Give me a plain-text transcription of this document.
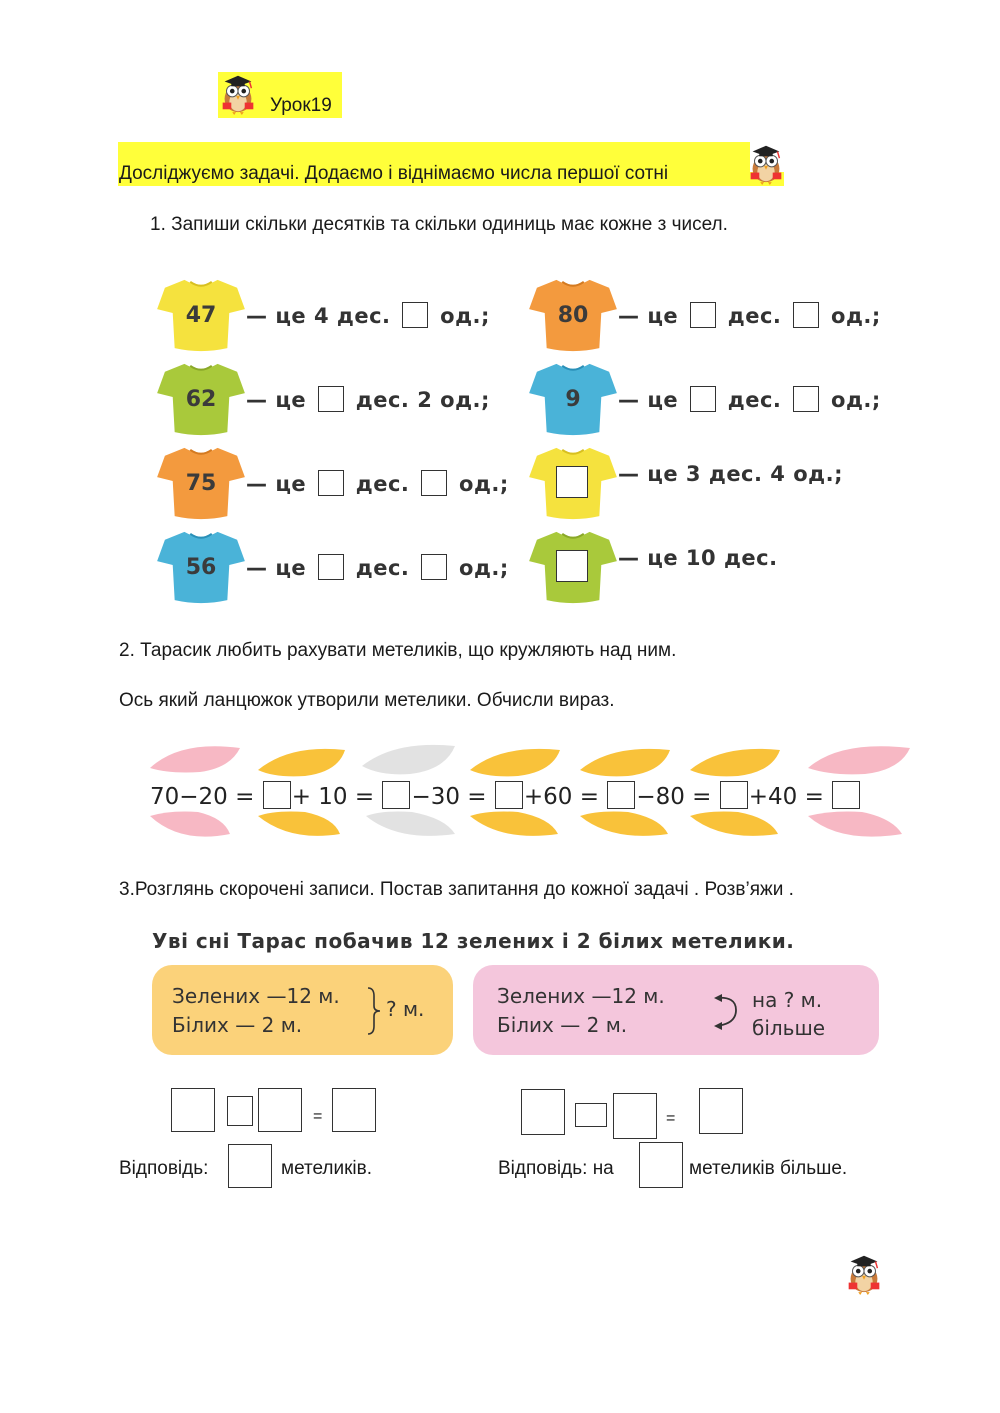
Урок19
Досліджуємо задачі. Додаємо і віднімаємо числа першої сотні
1. Запиши скільки десятків та скільки одиниць має кожне з чисел.
47	— це 4 дес. од.;
62	— це дес. 2 од.;
75	— це дес. од.;
56	— це дес. од.;
80	— це дес. од.;
9	— це дес. од.;
— це 3 дес. 4 од.;
— це 10 дес.
2. Тарасик любить рахувати метеликів, що кружляють над ним.
Ось який ланцюжок утворили метелики. Обчисли вираз.
70−20 = + 10 = −30 = +60 = −80 = +40 =
3.Розглянь скорочені записи. Постав запитання до кожної задачі . Розв’яжи .
Уві сні Тарас побачив 12 зелених і 2 білих метелики.
Зелених —12 м.
Білих — 2 м.
? м.
Зелених —12 м.
Білих — 2 м.
на ? м.
більше
=	=
Відповідь:	метеликів.	Відповідь: на	метеликів більше.
